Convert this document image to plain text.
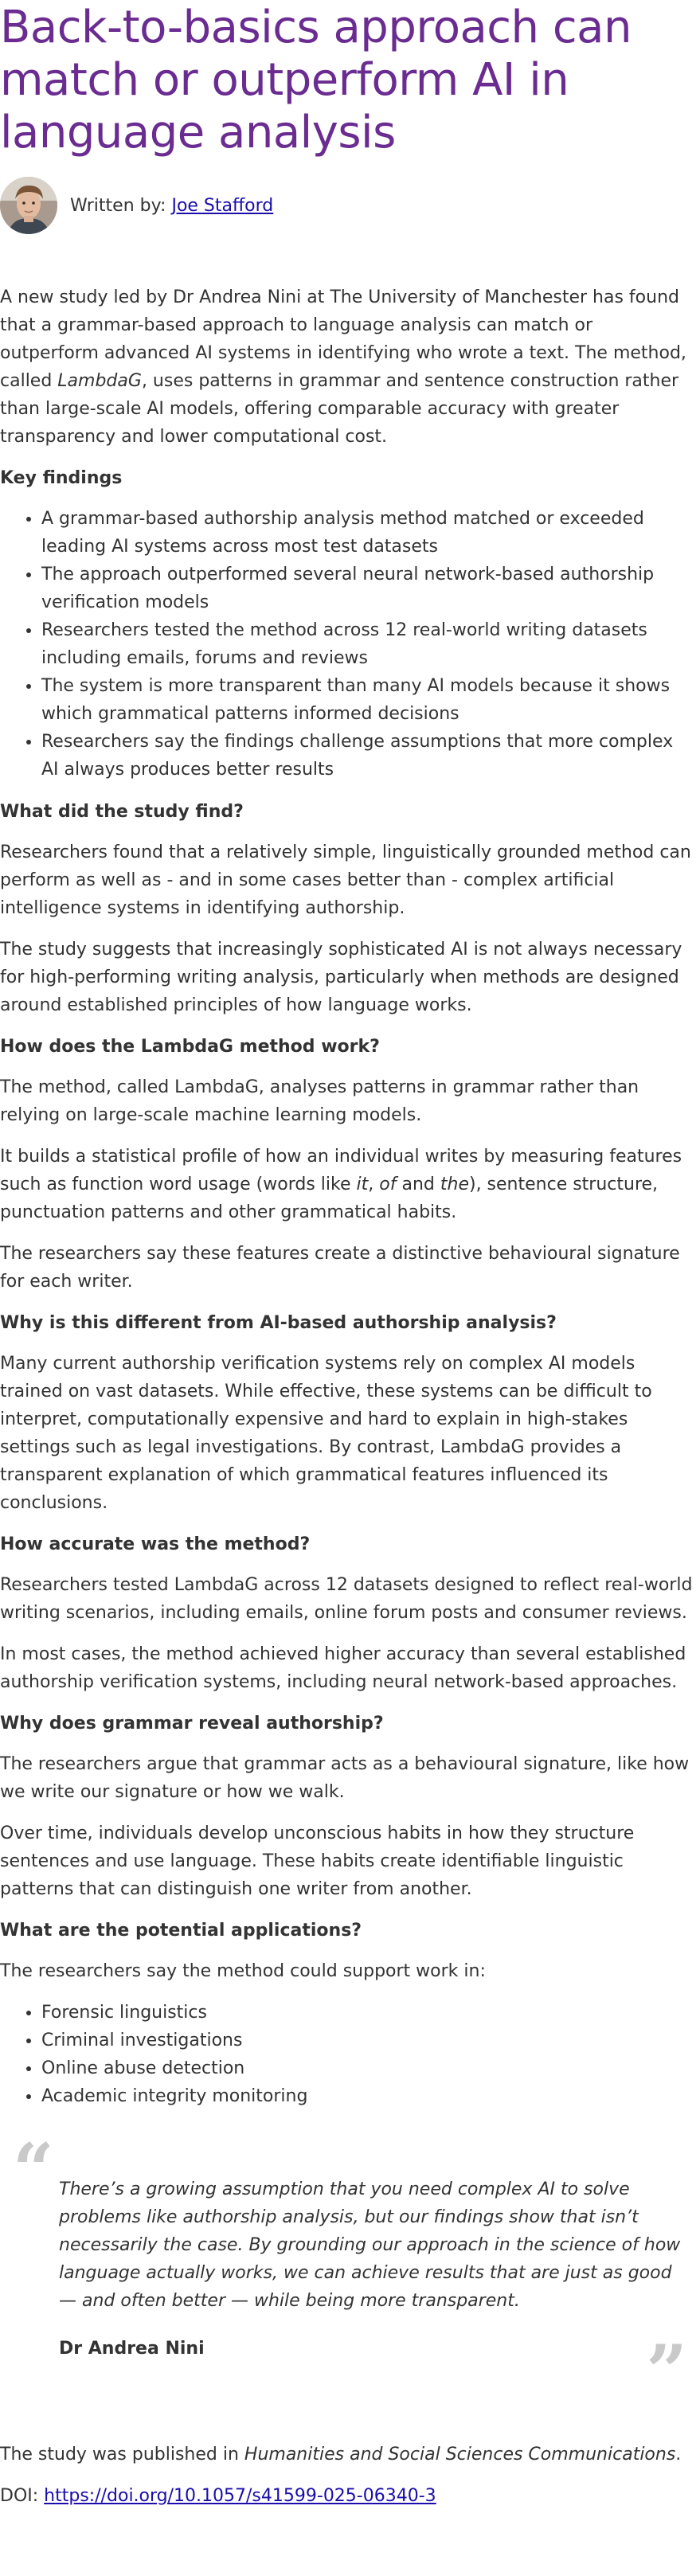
Back-to-basics approach can match or outperform AI in language analysis
Written by: Joe Stafford

A new study led by Dr Andrea Nini at The University of Manchester has found that a grammar-based approach to language analysis can match or outperform advanced AI systems in identifying who wrote a text. The method, called LambdaG, uses patterns in grammar and sentence construction rather than large-scale AI models, offering comparable accuracy with greater transparency and lower computational cost.

Key findings
• A grammar-based authorship analysis method matched or exceeded leading AI systems across most test datasets
• The approach outperformed several neural network-based authorship verification models
• Researchers tested the method across 12 real-world writing datasets including emails, forums and reviews
• The system is more transparent than many AI models because it shows which grammatical patterns informed decisions
• Researchers say the findings challenge assumptions that more complex AI always produces better results
What did the study find?

Researchers found that a relatively simple, linguistically grounded method can perform as well as - and in some cases better than - complex artificial intelligence systems in identifying authorship.

The study suggests that increasingly sophisticated AI is not always necessary for high-performing writing analysis, particularly when methods are designed around established principles of how language works.

How does the LambdaG method work?

The method, called LambdaG, analyses patterns in grammar rather than relying on large-scale machine learning models.

It builds a statistical profile of how an individual writes by measuring features such as function word usage (words like it, of and the), sentence structure, punctuation patterns and other grammatical habits.

The researchers say these features create a distinctive behavioural signature for each writer.

Why is this different from AI-based authorship analysis?

Many current authorship verification systems rely on complex AI models trained on vast datasets. While effective, these systems can be difficult to interpret, computationally expensive and hard to explain in high-stakes settings such as legal investigations. By contrast, LambdaG provides a transparent explanation of which grammatical features influenced its conclusions.

How accurate was the method?

Researchers tested LambdaG across 12 datasets designed to reflect real-world writing scenarios, including emails, online forum posts and consumer reviews.

In most cases, the method achieved higher accuracy than several established authorship verification systems, including neural network-based approaches.

Why does grammar reveal authorship?

The researchers argue that grammar acts as a behavioural signature, like how we write our signature or how we walk.

Over time, individuals develop unconscious habits in how they structure sentences and use language. These habits create identifiable linguistic patterns that can distinguish one writer from another.

What are the potential applications?

The researchers say the method could support work in:

• Forensic linguistics
• Criminal investigations
• Online abuse detection
• Academic integrity monitoring
“ There’s a growing assumption that you need complex AI to solve problems like authorship analysis, but our findings show that isn’t necessarily the case. By grounding our approach in the science of how language actually works, we can achieve results that are just as good — and often better — while being more transparent.

Dr Andrea Nini	”

The study was published in Humanities and Social Sciences Communications.

DOI: https://doi.org/10.1057/s41599-025-06340-3
